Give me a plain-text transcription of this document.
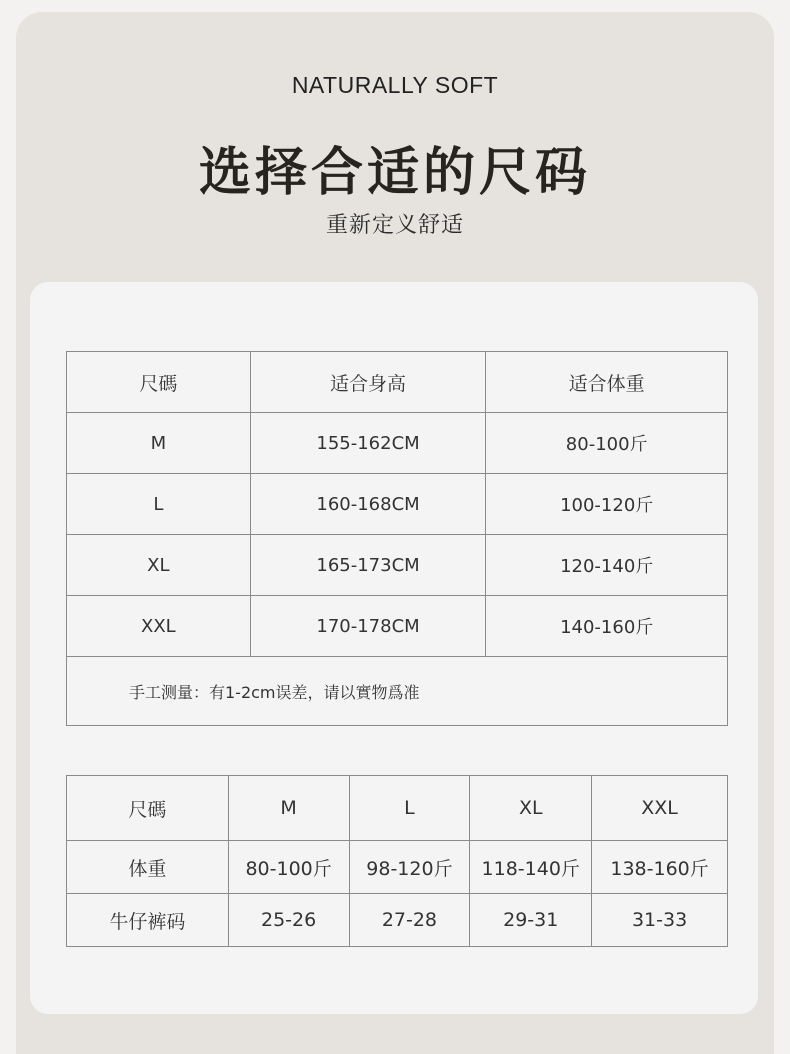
NATURALLY SOFT
选择合适的尺码
重新定义舒适
尺碼	适合身高	适合体重
M	155-162CM	80-100斤
L	160-168CM	100-120斤
XL	165-173CM	120-140斤
XXL	170-178CM	140-160斤
手工测量：有1-2cm误差，请以實物爲准		
尺碼	M	L	XL	XXL
体重	80-100斤	98-120斤	118-140斤	138-160斤
牛仔裤码	25-26	27-28	29-31	31-33
